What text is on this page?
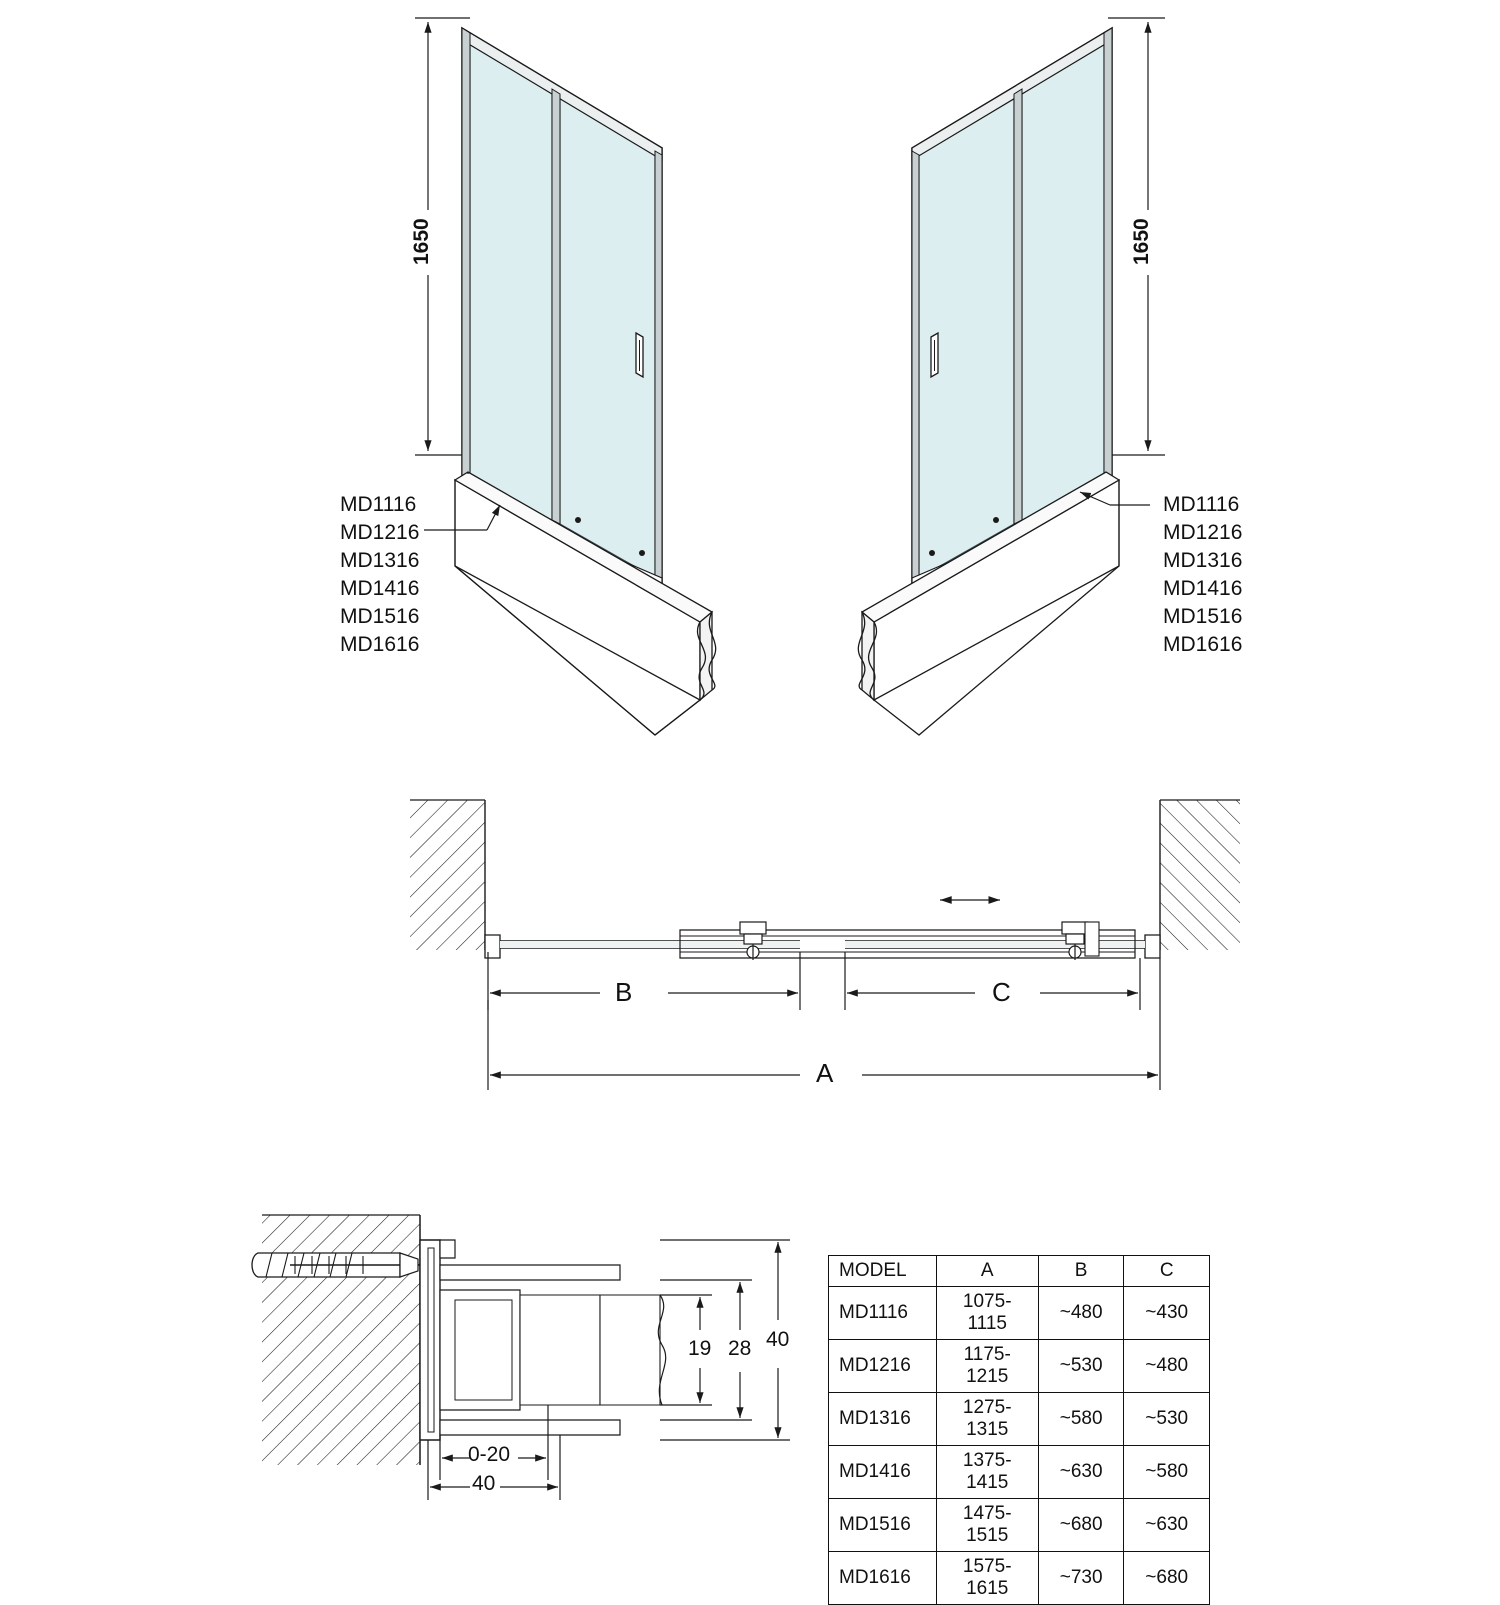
1650	1650
MD1116
MD1216
MD1316
MD1416
MD1516
MD1616
MD1116
MD1216
MD1316
MD1416
MD1516
MD1616
B	C
A
0-20
40
19 28 40
MODEL	A	B	C
MD1116	1075-1115	~480	~430
MD1216	1175-1215	~530	~480
MD1316	1275-1315	~580	~530
MD1416	1375-1415	~630	~580
MD1516	1475-1515	~680	~630
MD1616	1575-1615	~730	~680
